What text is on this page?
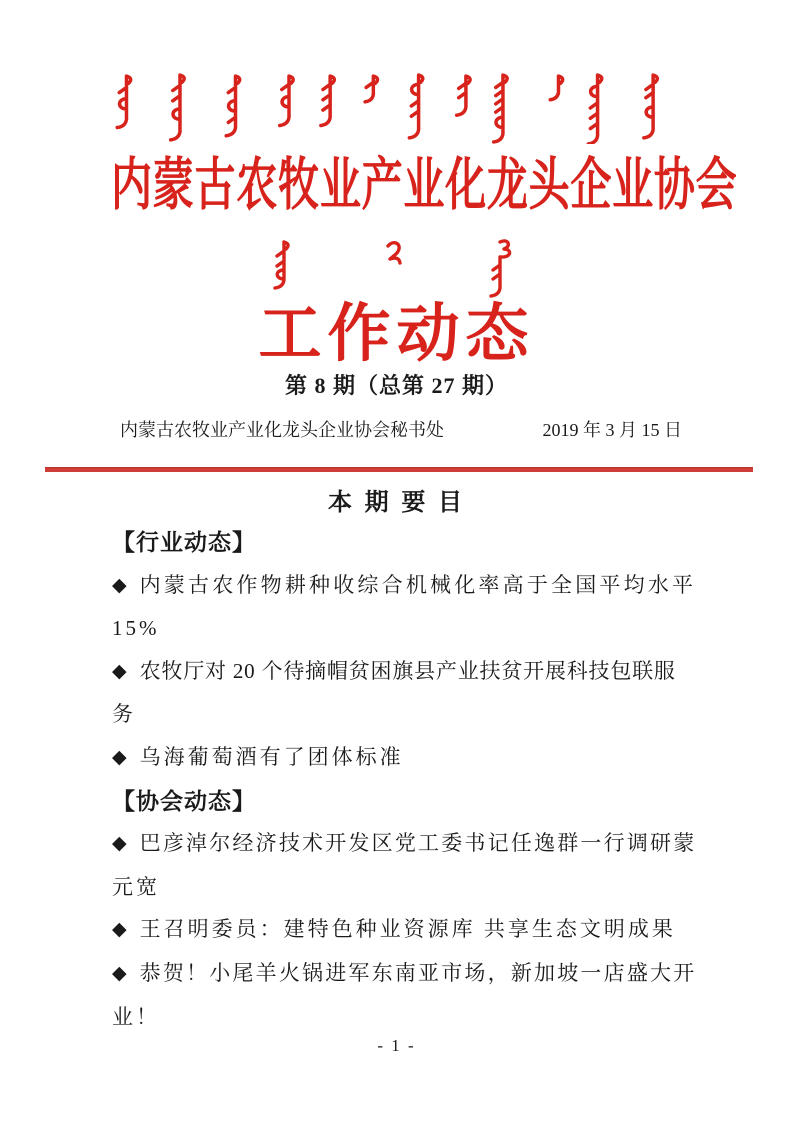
内蒙古农牧业产业化龙头企业协会
工作动态
第 8 期（总第 27 期）
内蒙古农牧业产业化龙头企业协会秘书处	2019 年 3 月 15 日
本 期 要 目
【行业动态】
◆ 内蒙古农作物耕种收综合机械化率高于全国平均水平
15%
◆ 农牧厅对 20 个待摘帽贫困旗县产业扶贫开展科技包联服
务
◆ 乌海葡萄酒有了团体标准
【协会动态】
◆ 巴彦淖尔经济技术开发区党工委书记任逸群一行调研蒙
元宽
◆ 王召明委员：建特色种业资源库 共享生态文明成果
◆ 恭贺！小尾羊火锅进军东南亚市场，新加坡一店盛大开
业！
- 1 -
